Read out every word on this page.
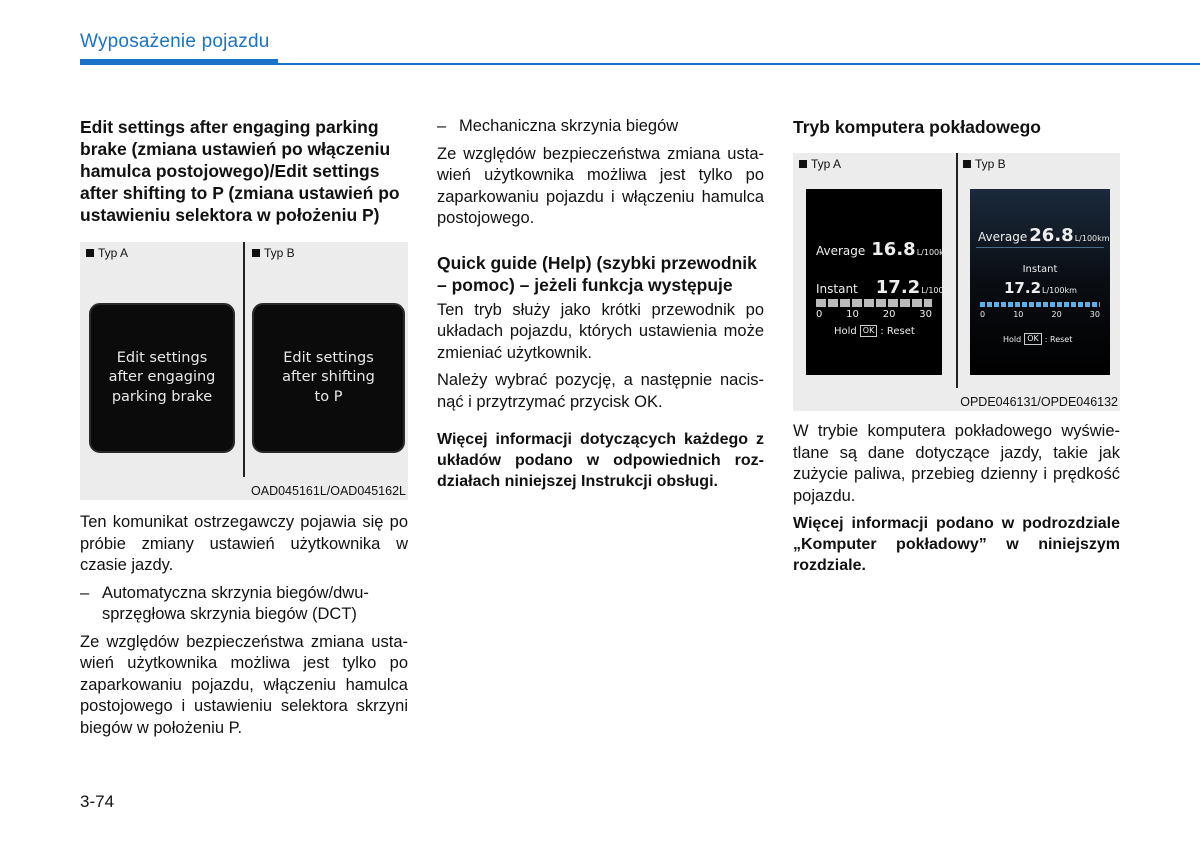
Wyposażenie pojazdu

Edit settings after engaging parking brake (zmiana ustawień po włączeniu hamulca postojowego)/Edit settings after shifting to P (zmiana ustawień po ustawieniu selektora w położeniu P)

Typ A	Typ B
Edit settings
after engaging
parking brake
Edit settings
after shifting
to P
OAD045161L/OAD045162L

Ten komunikat ostrzegawczy pojawia się po próbie zmiany ustawień użytkownika w czasie jazdy.

– Automatyczna skrzynia biegów/dwusprzęgłowa skrzynia biegów (DCT)

Ze względów bezpieczeństwa zmiana ustawień użytkownika możliwa jest tylko po zaparkowaniu pojazdu, włączeniu hamulca postojowego i ustawieniu selektora skrzyni biegów w położeniu P.

– Mechaniczna skrzynia biegów

Ze względów bezpieczeństwa zmiana ustawień użytkownika możliwa jest tylko po zaparkowaniu pojazdu i włączeniu hamulca postojowego.

Quick guide (Help) (szybki przewodnik – pomoc) – jeżeli funkcja występuje

Ten tryb służy jako krótki przewodnik po układach pojazdu, których ustawienia może zmieniać użytkownik.

Należy wybrać pozycję, a następnie nacisnąć i przytrzymać przycisk OK.

Więcej informacji dotyczących każdego z układów podano w odpowiednich rozdziałach niniejszej Instrukcji obsługi.

Tryb komputera pokładowego

Typ A	Typ B
Average 16.8 L/100km
Instant 17.2 L/100km
0 10 20 30
Hold OK : Reset
Average 26.8 L/100km
Instant
17.2 L/100km
0	10	20	30
Hold OK : Reset
OPDE046131/OPDE046132

W trybie komputera pokładowego wyświetlane są dane dotyczące jazdy, takie jak zużycie paliwa, przebieg dzienny i prędkość pojazdu.

Więcej informacji podano w podrozdziale „Komputer pokładowy” w niniejszym rozdziale.

3-74
